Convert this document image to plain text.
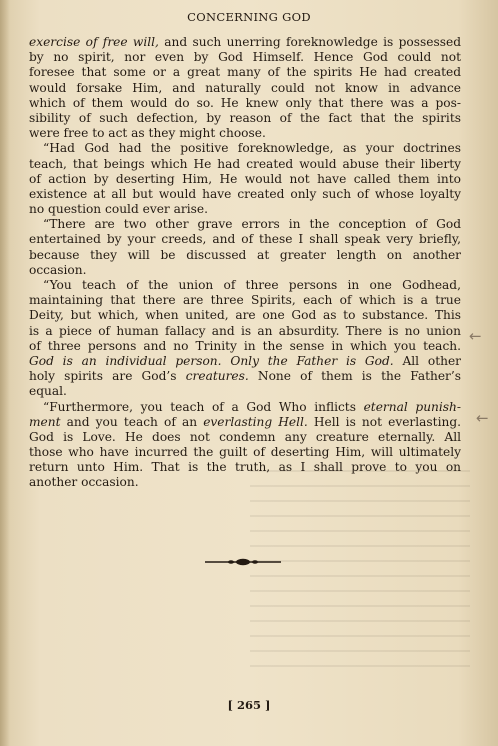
CONCERNING GOD
exercise of free will, and such unerring foreknowledge is possessed
by no spirit, nor even by God Himself. Hence God could not
foresee that some or a great many of the spirits He had created
would forsake Him, and naturally could not know in advance
which of them would do so. He knew only that there was a pos-
sibility of such defection, by reason of the fact that the spirits
were free to act as they might choose.
“Had God had the positive foreknowledge, as your doctrines
teach, that beings which He had created would abuse their liberty
of action by deserting Him, He would not have called them into
existence at all but would have created only such of whose loyalty
no question could ever arise.
“There are two other grave errors in the conception of God
entertained by your creeds, and of these I shall speak very briefly,
because they will be discussed at greater length on another
occasion.
“You teach of the union of three persons in one Godhead,
maintaining that there are three Spirits, each of which is a true
Deity, but which, when united, are one God as to substance. This
is a piece of human fallacy and is an absurdity. There is no union
of three persons and no Trinity in the sense in which you teach.
God is an individual person. Only the Father is God. All other
holy spirits are God’s creatures. None of them is the Father’s
equal.
“Furthermore, you teach of a God Who inflicts eternal punish-
ment and you teach of an everlasting Hell. Hell is not everlasting.
God is Love. He does not condemn any creature eternally. All
those who have incurred the guilt of deserting Him, will ultimately
return unto Him. That is the truth, as I shall prove to you on
another occasion.
←
←
[ 265 ]
